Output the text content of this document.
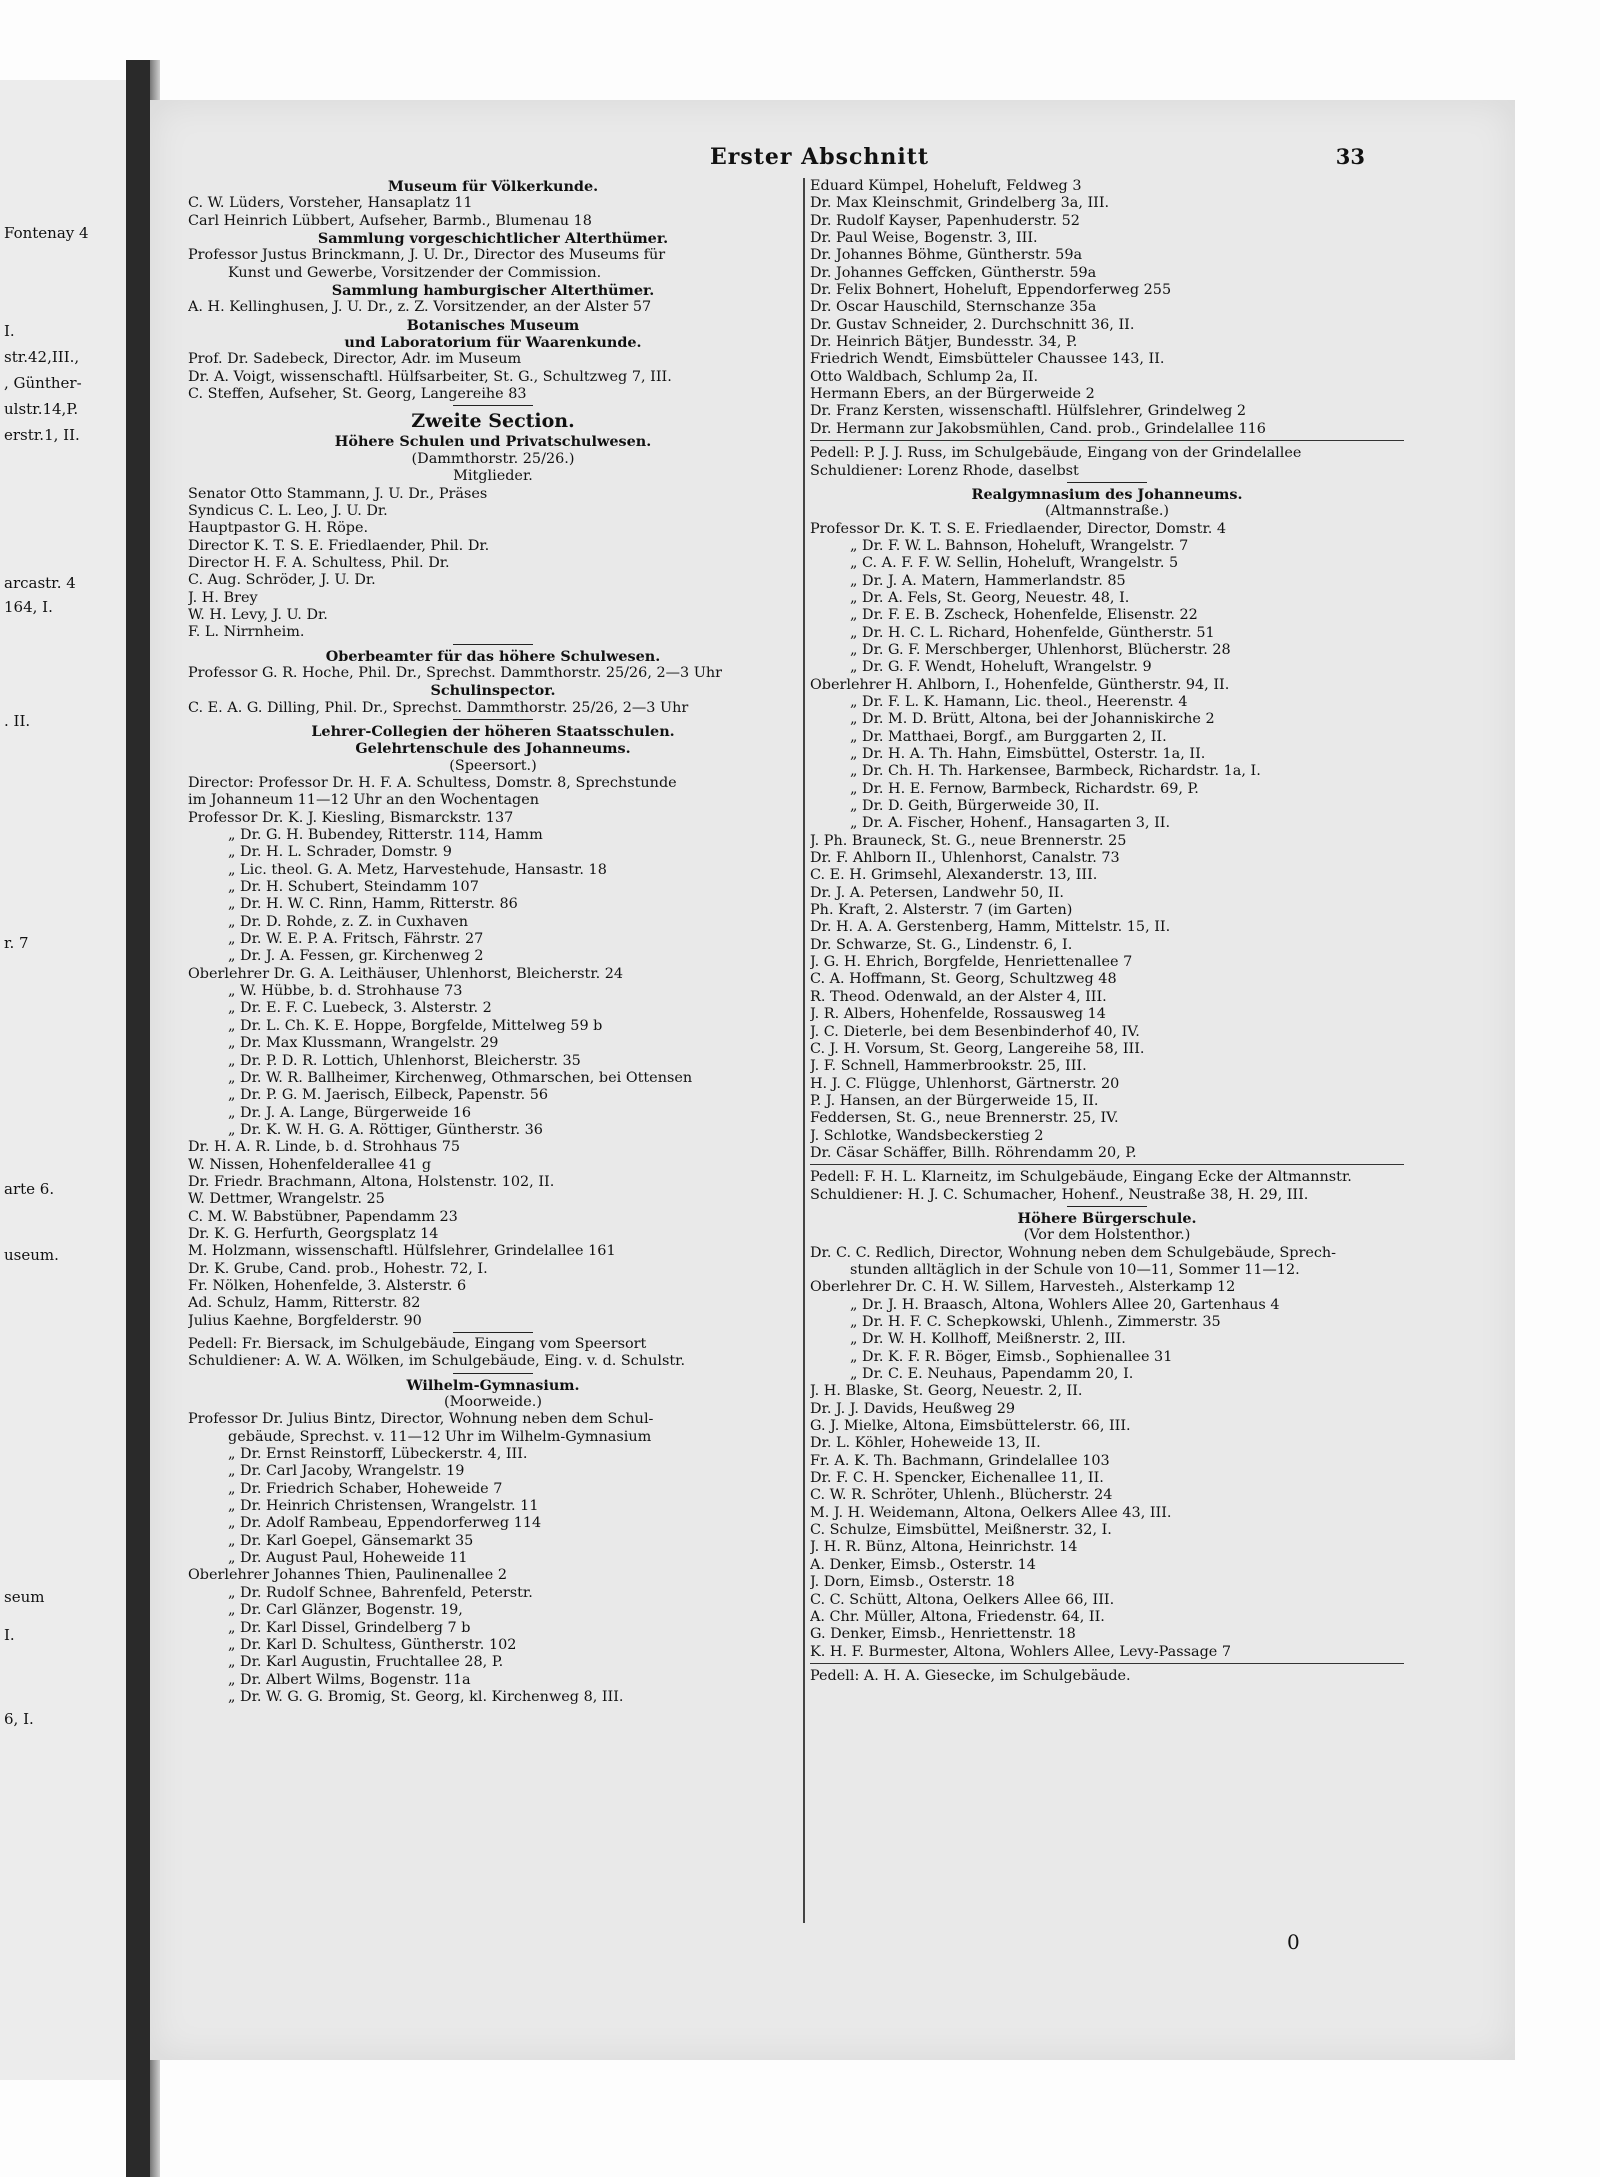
Fontenay 4
I.
str.42,III.,
, Günther-
ulstr.14,P.
erstr.1, II.
arcastr. 4
164, I.
. II.
r. 7
arte 6.
useum.
seum
I.
6, I.
Erster Abschnitt	33
Museum für Völkerkunde.
C. W. Lüders, Vorsteher, Hansaplatz 11
Carl Heinrich Lübbert, Aufseher, Barmb., Blumenau 18
Sammlung vorgeschichtlicher Alterthümer.
Professor Justus Brinckmann, J. U. Dr., Director des Museums für
Kunst und Gewerbe, Vorsitzender der Commission.
Sammlung hamburgischer Alterthümer.
A. H. Kellinghusen, J. U. Dr., z. Z. Vorsitzender, an der Alster 57
Botanisches Museum
und Laboratorium für Waarenkunde.
Prof. Dr. Sadebeck, Director, Adr. im Museum
Dr. A. Voigt, wissenschaftl. Hülfsarbeiter, St. G., Schultzweg 7, III.
C. Steffen, Aufseher, St. Georg, Langereihe 83
Zweite Section.
Höhere Schulen und Privatschulwesen.
(Dammthorstr. 25/26.)
Mitglieder.
Senator Otto Stammann, J. U. Dr., Präses
Syndicus C. L. Leo, J. U. Dr.
Hauptpastor G. H. Röpe.
Director K. T. S. E. Friedlaender, Phil. Dr.
Director H. F. A. Schultess, Phil. Dr.
C. Aug. Schröder, J. U. Dr.
J. H. Brey
W. H. Levy, J. U. Dr.
F. L. Nirrnheim.
Oberbeamter für das höhere Schulwesen.
Professor G. R. Hoche, Phil. Dr., Sprechst. Dammthorstr. 25/26, 2—3 Uhr
Schulinspector.
C. E. A. G. Dilling, Phil. Dr., Sprechst. Dammthorstr. 25/26, 2—3 Uhr
Lehrer-Collegien der höheren Staatsschulen.
Gelehrtenschule des Johanneums.
(Speersort.)
Director: Professor Dr. H. F. A. Schultess, Domstr. 8, Sprechstunde
im Johanneum 11—12 Uhr an den Wochentagen
Professor Dr. K. J. Kiesling, Bismarckstr. 137
„ Dr. G. H. Bubendey, Ritterstr. 114, Hamm
„ Dr. H. L. Schrader, Domstr. 9
„ Lic. theol. G. A. Metz, Harvestehude, Hansastr. 18
„ Dr. H. Schubert, Steindamm 107
„ Dr. H. W. C. Rinn, Hamm, Ritterstr. 86
„ Dr. D. Rohde, z. Z. in Cuxhaven
„ Dr. W. E. P. A. Fritsch, Fährstr. 27
„ Dr. J. A. Fessen, gr. Kirchenweg 2
Oberlehrer Dr. G. A. Leithäuser, Uhlenhorst, Bleicherstr. 24
„ W. Hübbe, b. d. Strohhause 73
„ Dr. E. F. C. Luebeck, 3. Alsterstr. 2
„ Dr. L. Ch. K. E. Hoppe, Borgfelde, Mittelweg 59 b
„ Dr. Max Klussmann, Wrangelstr. 29
„ Dr. P. D. R. Lottich, Uhlenhorst, Bleicherstr. 35
„ Dr. W. R. Ballheimer, Kirchenweg, Othmarschen, bei Ottensen
„ Dr. P. G. M. Jaerisch, Eilbeck, Papenstr. 56
„ Dr. J. A. Lange, Bürgerweide 16
„ Dr. K. W. H. G. A. Röttiger, Güntherstr. 36
Dr. H. A. R. Linde, b. d. Strohhaus 75
W. Nissen, Hohenfelderallee 41 g
Dr. Friedr. Brachmann, Altona, Holstenstr. 102, II.
W. Dettmer, Wrangelstr. 25
C. M. W. Babstübner, Papendamm 23
Dr. K. G. Herfurth, Georgsplatz 14
M. Holzmann, wissenschaftl. Hülfslehrer, Grindelallee 161
Dr. K. Grube, Cand. prob., Hohestr. 72, I.
Fr. Nölken, Hohenfelde, 3. Alsterstr. 6
Ad. Schulz, Hamm, Ritterstr. 82
Julius Kaehne, Borgfelderstr. 90
Pedell: Fr. Biersack, im Schulgebäude, Eingang vom Speersort
Schuldiener: A. W. A. Wölken, im Schulgebäude, Eing. v. d. Schulstr.
Wilhelm-Gymnasium.
(Moorweide.)
Professor Dr. Julius Bintz, Director, Wohnung neben dem Schul-
gebäude, Sprechst. v. 11—12 Uhr im Wilhelm-Gymnasium
„ Dr. Ernst Reinstorff, Lübeckerstr. 4, III.
„ Dr. Carl Jacoby, Wrangelstr. 19
„ Dr. Friedrich Schaber, Hoheweide 7
„ Dr. Heinrich Christensen, Wrangelstr. 11
„ Dr. Adolf Rambeau, Eppendorferweg 114
„ Dr. Karl Goepel, Gänsemarkt 35
„ Dr. August Paul, Hoheweide 11
Oberlehrer Johannes Thien, Paulinenallee 2
„ Dr. Rudolf Schnee, Bahrenfeld, Peterstr.
„ Dr. Carl Glänzer, Bogenstr. 19,
„ Dr. Karl Dissel, Grindelberg 7 b
„ Dr. Karl D. Schultess, Güntherstr. 102
„ Dr. Karl Augustin, Fruchtallee 28, P.
„ Dr. Albert Wilms, Bogenstr. 11a
„ Dr. W. G. G. Bromig, St. Georg, kl. Kirchenweg 8, III.
Eduard Kümpel, Hoheluft, Feldweg 3
Dr. Max Kleinschmit, Grindelberg 3a, III.
Dr. Rudolf Kayser, Papenhuderstr. 52
Dr. Paul Weise, Bogenstr. 3, III.
Dr. Johannes Böhme, Güntherstr. 59a
Dr. Johannes Geffcken, Güntherstr. 59a
Dr. Felix Bohnert, Hoheluft, Eppendorferweg 255
Dr. Oscar Hauschild, Sternschanze 35a
Dr. Gustav Schneider, 2. Durchschnitt 36, II.
Dr. Heinrich Bätjer, Bundesstr. 34, P.
Friedrich Wendt, Eimsbütteler Chaussee 143, II.
Otto Waldbach, Schlump 2a, II.
Hermann Ebers, an der Bürgerweide 2
Dr. Franz Kersten, wissenschaftl. Hülfslehrer, Grindelweg 2
Dr. Hermann zur Jakobsmühlen, Cand. prob., Grindelallee 116
Pedell: P. J. J. Russ, im Schulgebäude, Eingang von der Grindelallee
Schuldiener: Lorenz Rhode, daselbst
Realgymnasium des Johanneums.
(Altmannstraße.)
Professor Dr. K. T. S. E. Friedlaender, Director, Domstr. 4
„ Dr. F. W. L. Bahnson, Hoheluft, Wrangelstr. 7
„ C. A. F. F. W. Sellin, Hoheluft, Wrangelstr. 5
„ Dr. J. A. Matern, Hammerlandstr. 85
„ Dr. A. Fels, St. Georg, Neuestr. 48, I.
„ Dr. F. E. B. Zscheck, Hohenfelde, Elisenstr. 22
„ Dr. H. C. L. Richard, Hohenfelde, Güntherstr. 51
„ Dr. G. F. Merschberger, Uhlenhorst, Blücherstr. 28
„ Dr. G. F. Wendt, Hoheluft, Wrangelstr. 9
Oberlehrer H. Ahlborn, I., Hohenfelde, Güntherstr. 94, II.
„ Dr. F. L. K. Hamann, Lic. theol., Heerenstr. 4
„ Dr. M. D. Brütt, Altona, bei der Johanniskirche 2
„ Dr. Matthaei, Borgf., am Burggarten 2, II.
„ Dr. H. A. Th. Hahn, Eimsbüttel, Osterstr. 1a, II.
„ Dr. Ch. H. Th. Harkensee, Barmbeck, Richardstr. 1a, I.
„ Dr. H. E. Fernow, Barmbeck, Richardstr. 69, P.
„ Dr. D. Geith, Bürgerweide 30, II.
„ Dr. A. Fischer, Hohenf., Hansagarten 3, II.
J. Ph. Brauneck, St. G., neue Brennerstr. 25
Dr. F. Ahlborn II., Uhlenhorst, Canalstr. 73
C. E. H. Grimsehl, Alexanderstr. 13, III.
Dr. J. A. Petersen, Landwehr 50, II.
Ph. Kraft, 2. Alsterstr. 7 (im Garten)
Dr. H. A. A. Gerstenberg, Hamm, Mittelstr. 15, II.
Dr. Schwarze, St. G., Lindenstr. 6, I.
J. G. H. Ehrich, Borgfelde, Henriettenallee 7
C. A. Hoffmann, St. Georg, Schultzweg 48
R. Theod. Odenwald, an der Alster 4, III.
J. R. Albers, Hohenfelde, Rossausweg 14
J. C. Dieterle, bei dem Besenbinderhof 40, IV.
C. J. H. Vorsum, St. Georg, Langereihe 58, III.
J. F. Schnell, Hammerbrookstr. 25, III.
H. J. C. Flügge, Uhlenhorst, Gärtnerstr. 20
P. J. Hansen, an der Bürgerweide 15, II.
Feddersen, St. G., neue Brennerstr. 25, IV.
J. Schlotke, Wandsbeckerstieg 2
Dr. Cäsar Schäffer, Billh. Röhrendamm 20, P.
Pedell: F. H. L. Klarneitz, im Schulgebäude, Eingang Ecke der Altmannstr.
Schuldiener: H. J. C. Schumacher, Hohenf., Neustraße 38, H. 29, III.
Höhere Bürgerschule.
(Vor dem Holstenthor.)
Dr. C. C. Redlich, Director, Wohnung neben dem Schulgebäude, Sprech-
stunden alltäglich in der Schule von 10—11, Sommer 11—12.
Oberlehrer Dr. C. H. W. Sillem, Harvesteh., Alsterkamp 12
„ Dr. J. H. Braasch, Altona, Wohlers Allee 20, Gartenhaus 4
„ Dr. H. F. C. Schepkowski, Uhlenh., Zimmerstr. 35
„ Dr. W. H. Kollhoff, Meißnerstr. 2, III.
„ Dr. K. F. R. Böger, Eimsb., Sophienallee 31
„ Dr. C. E. Neuhaus, Papendamm 20, I.
J. H. Blaske, St. Georg, Neuestr. 2, II.
Dr. J. J. Davids, Heußweg 29
G. J. Mielke, Altona, Eimsbüttelerstr. 66, III.
Dr. L. Köhler, Hoheweide 13, II.
Fr. A. K. Th. Bachmann, Grindelallee 103
Dr. F. C. H. Spencker, Eichenallee 11, II.
C. W. R. Schröter, Uhlenh., Blücherstr. 24
M. J. H. Weidemann, Altona, Oelkers Allee 43, III.
C. Schulze, Eimsbüttel, Meißnerstr. 32, I.
J. H. R. Bünz, Altona, Heinrichstr. 14
A. Denker, Eimsb., Osterstr. 14
J. Dorn, Eimsb., Osterstr. 18
C. C. Schütt, Altona, Oelkers Allee 66, III.
A. Chr. Müller, Altona, Friedenstr. 64, II.
G. Denker, Eimsb., Henriettenstr. 18
K. H. F. Burmester, Altona, Wohlers Allee, Levy-Passage 7
Pedell: A. H. A. Giesecke, im Schulgebäude.
0
